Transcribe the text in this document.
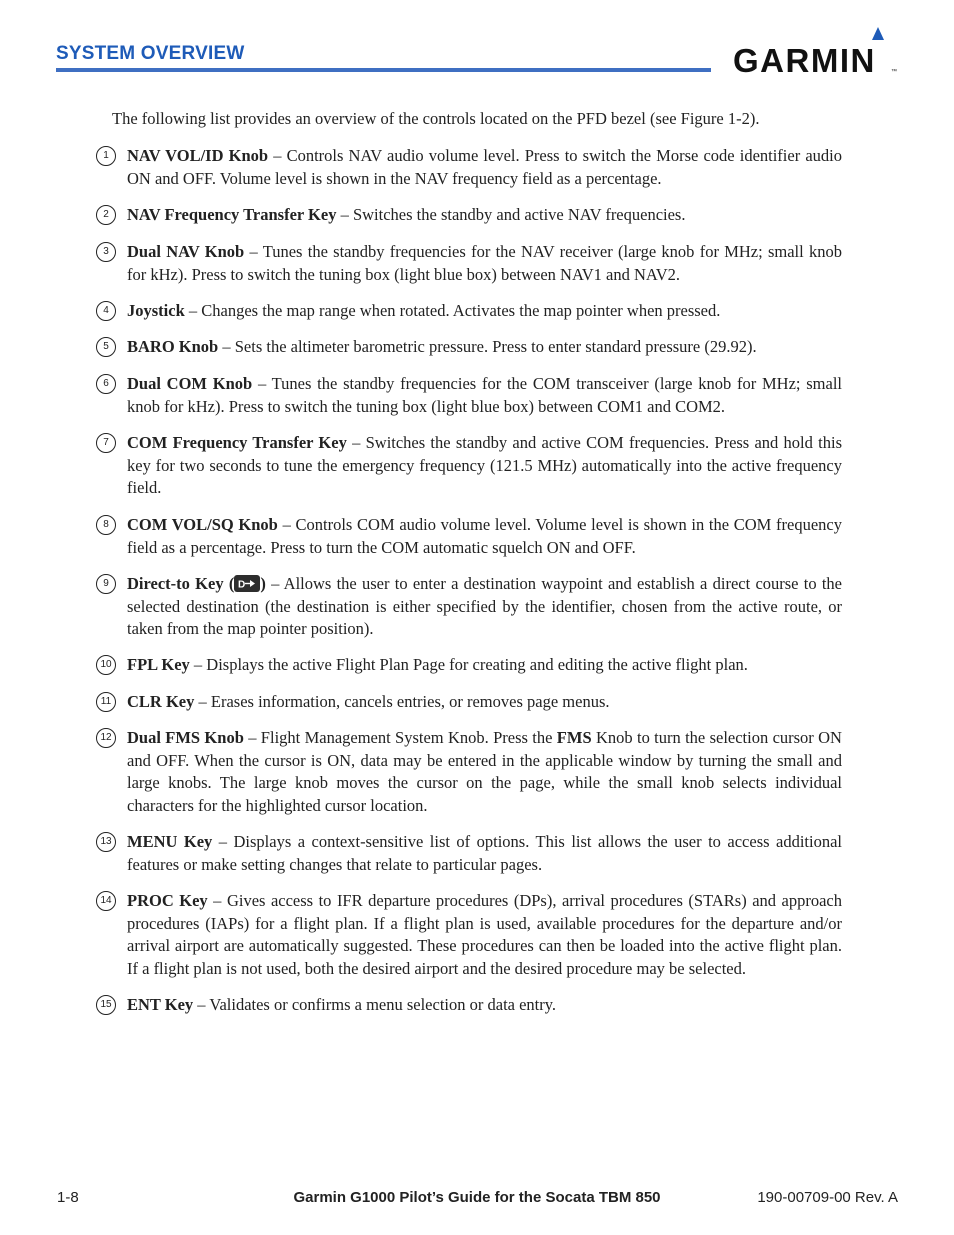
SYSTEM OVERVIEW	GARMIN	™
The following list provides an overview of the controls located on the PFD bezel (see Figure 1-2).
1	NAV VOL/ID Knob – Controls NAV audio volume level. Press to switch the Morse code identifier audio ON and OFF. Volume level is shown in the NAV frequency field as a percentage.
2	NAV Frequency Transfer Key – Switches the standby and active NAV frequencies.
3	Dual NAV Knob – Tunes the standby frequencies for the NAV receiver (large knob for MHz; small knob for kHz). Press to switch the tuning box (light blue box) between NAV1 and NAV2.
4	Joystick – Changes the map range when rotated. Activates the map pointer when pressed.
5	BARO Knob – Sets the altimeter barometric pressure. Press to enter standard pressure (29.92).
6	Dual COM Knob – Tunes the standby frequencies for the COM transceiver (large knob for MHz; small knob for kHz). Press to switch the tuning box (light blue box) between COM1 and COM2.
7	COM Frequency Transfer Key – Switches the standby and active COM frequencies. Press and hold this key for two seconds to tune the emergency frequency (121.5 MHz) automatically into the active frequency field.
8	COM VOL/SQ Knob – Controls COM audio volume level. Volume level is shown in the COM frequency field as a percentage. Press to turn the COM automatic squelch ON and OFF.
9	Direct-to Key ( D ) – Allows the user to enter a destination waypoint and establish a direct course to the selected destination (the destination is either specified by the identifier, chosen from the active route, or taken from the map pointer position).
10 FPL Key – Displays the active Flight Plan Page for creating and editing the active flight plan.
11 CLR Key – Erases information, cancels entries, or removes page menus.
12 Dual FMS Knob – Flight Management System Knob. Press the FMS Knob to turn the selection cursor ON and OFF. When the cursor is ON, data may be entered in the applicable window by turning the small and large knobs. The large knob moves the cursor on the page, while the small knob selects individual characters for the highlighted cursor location.
13 MENU Key – Displays a context-sensitive list of options. This list allows the user to access additional features or make setting changes that relate to particular pages.
14 PROC Key – Gives access to IFR departure procedures (DPs), arrival procedures (STARs) and approach procedures (IAPs) for a flight plan. If a flight plan is used, available procedures for the departure and/or arrival airport are automatically suggested. These procedures can then be loaded into the active flight plan. If a flight plan is not used, both the desired airport and the desired procedure may be selected.
15 ENT Key – Validates or confirms a menu selection or data entry.
1-8	Garmin G1000 Pilot’s Guide for the Socata TBM 850	190-00709-00 Rev. A
